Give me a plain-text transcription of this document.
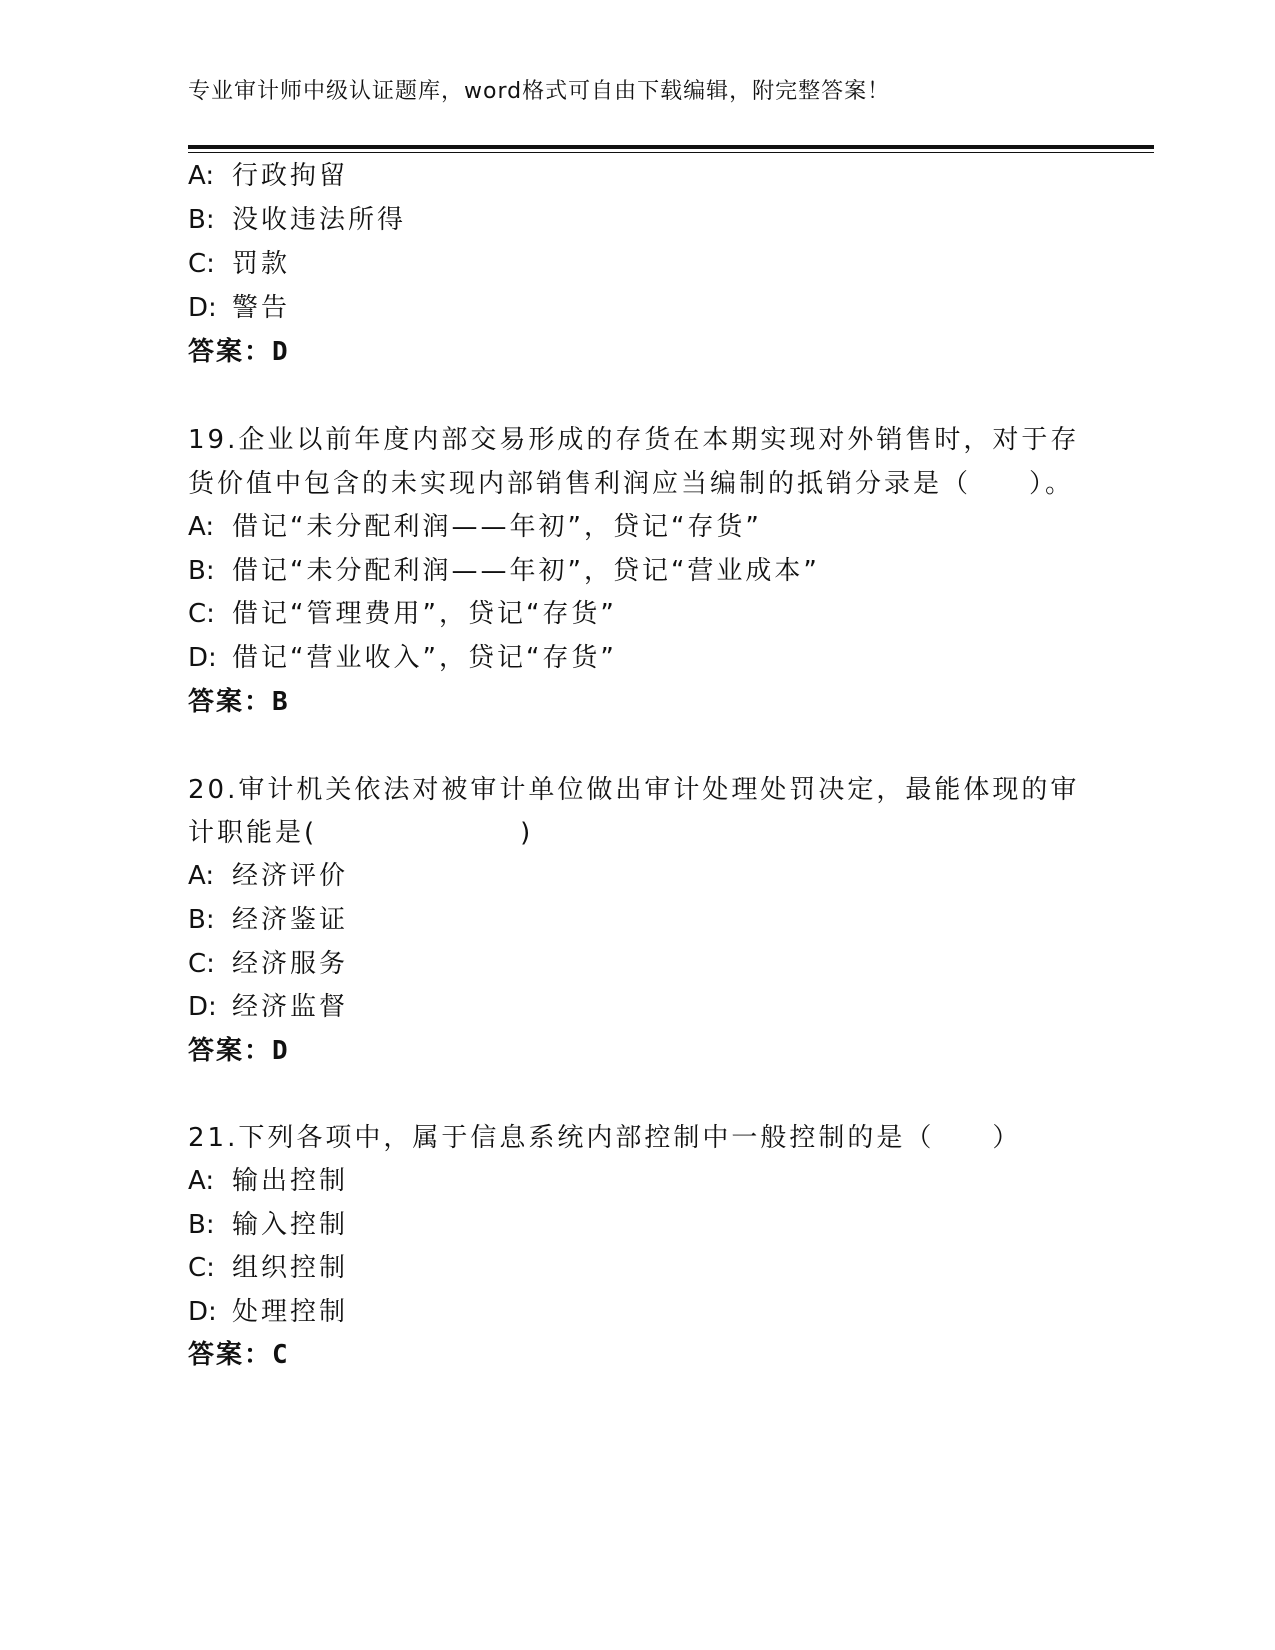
专业审计师中级认证题库，word格式可自由下载编辑，附完整答案！
A: 行政拘留
B: 没收违法所得
C: 罚款
D: 警告
答案：D
19.企业以前年度内部交易形成的存货在本期实现对外销售时，对于存
货价值中包含的未实现内部销售利润应当编制的抵销分录是（　　）。
A: 借记“未分配利润——年初”，贷记“存货”
B: 借记“未分配利润——年初”，贷记“营业成本”
C: 借记“管理费用”，贷记“存货”
D: 借记“营业收入”，贷记“存货”
答案：B
20.审计机关依法对被审计单位做出审计处理处罚决定，最能体现的审
计职能是(　　　　　　　)
A: 经济评价
B: 经济鉴证
C: 经济服务
D: 经济监督
答案：D
21.下列各项中，属于信息系统内部控制中一般控制的是（　　）
A: 输出控制
B: 输入控制
C: 组织控制
D: 处理控制
答案：C
